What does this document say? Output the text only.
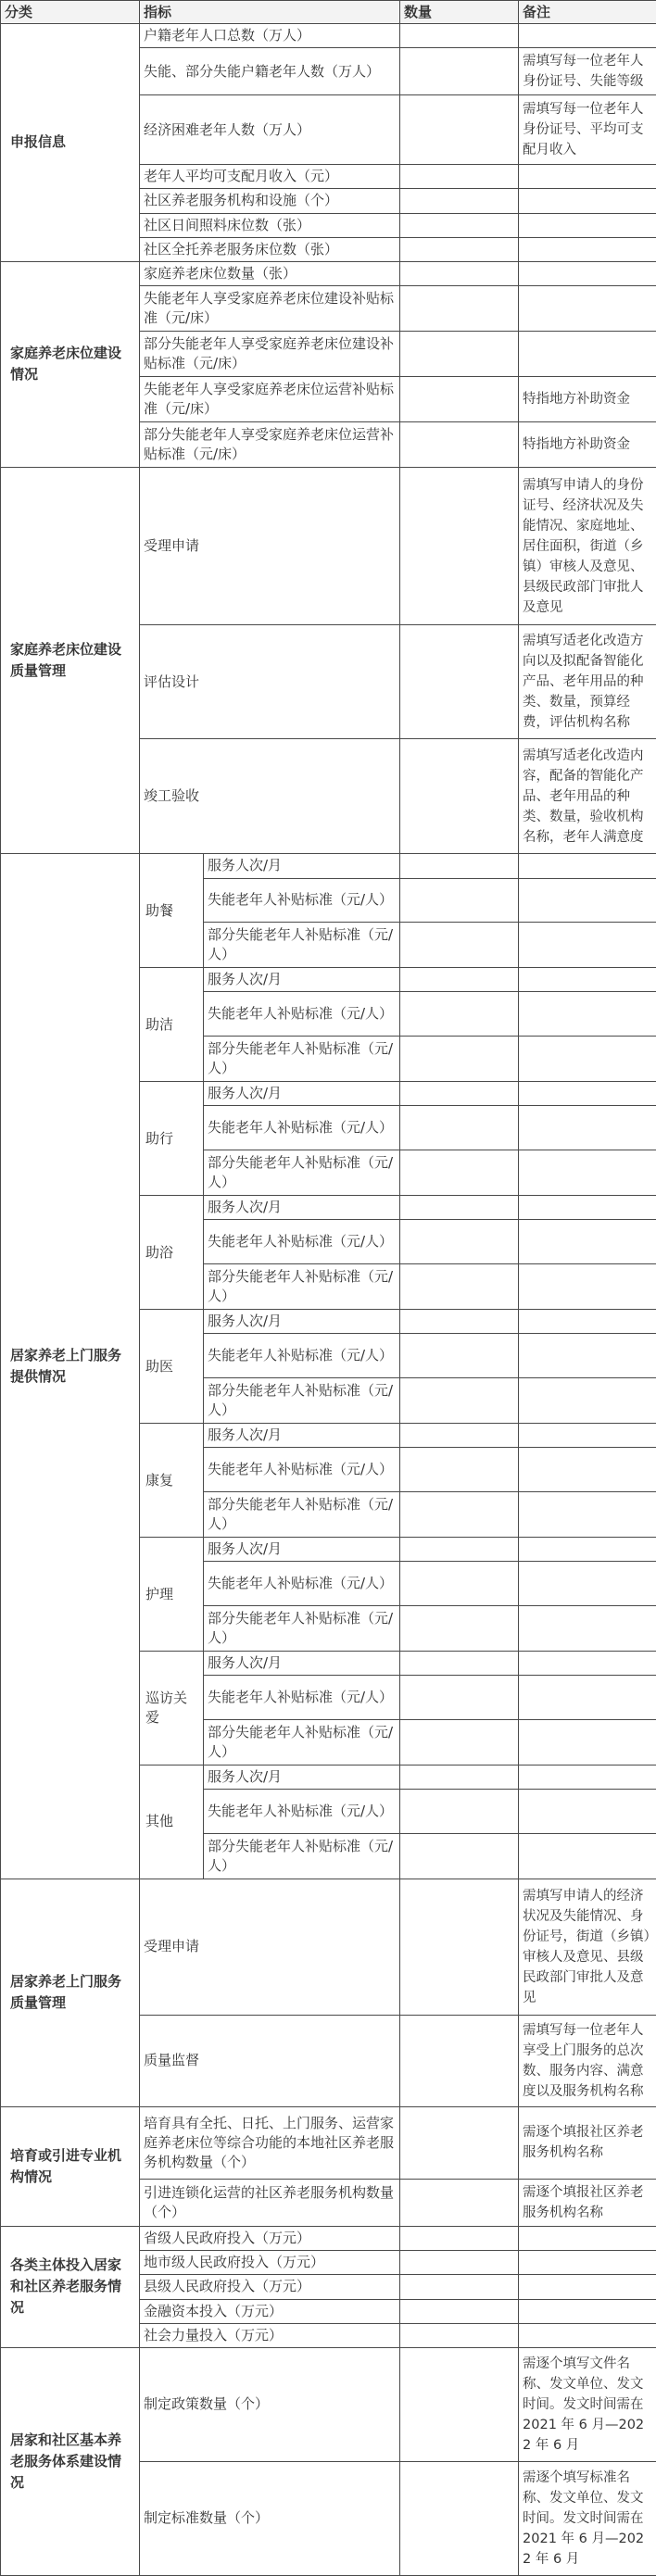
分类	指标		数量	备注
申报信息	户籍老年人口总数（万人）			
	失能、部分失能户籍老年人数（万人）			需填写每一位老年人身份证号、失能等级
	经济困难老年人数（万人）			需填写每一位老年人身份证号、平均可支配月收入
	老年人平均可支配月收入（元）			
	社区养老服务机构和设施（个）			
	社区日间照料床位数（张）			
	社区全托养老服务床位数（张）			
家庭养老床位建设情况	家庭养老床位数量（张）			
	失能老年人享受家庭养老床位建设补贴标准（元/床）			
	部分失能老年人享受家庭养老床位建设补贴标准（元/床）			
	失能老年人享受家庭养老床位运营补贴标准（元/床）			特指地方补助资金
	部分失能老年人享受家庭养老床位运营补贴标准（元/床）			特指地方补助资金
家庭养老床位建设质量管理	受理申请			需填写申请人的身份证号、经济状况及失能情况、家庭地址、居住面积，街道（乡镇）审核人及意见、县级民政部门审批人及意见
	评估设计			需填写适老化改造方向以及拟配备智能化产品、老年用品的种类、数量，预算经费，评估机构名称
	竣工验收			需填写适老化改造内容，配备的智能化产品、老年用品的种类、数量，验收机构名称，老年人满意度
居家养老上门服务提供情况	助餐	服务人次/月		
		失能老年人补贴标准（元/人）		
		部分失能老年人补贴标准（元/人）		
	助洁	服务人次/月		
		失能老年人补贴标准（元/人）		
		部分失能老年人补贴标准（元/人）		
	助行	服务人次/月		
		失能老年人补贴标准（元/人）		
		部分失能老年人补贴标准（元/人）		
	助浴	服务人次/月		
		失能老年人补贴标准（元/人）		
		部分失能老年人补贴标准（元/人）		
	助医	服务人次/月		
		失能老年人补贴标准（元/人）		
		部分失能老年人补贴标准（元/人）		
	康复	服务人次/月		
		失能老年人补贴标准（元/人）		
		部分失能老年人补贴标准（元/人）		
	护理	服务人次/月		
		失能老年人补贴标准（元/人）		
		部分失能老年人补贴标准（元/人）		
	巡访关爱	服务人次/月		
		失能老年人补贴标准（元/人）		
		部分失能老年人补贴标准（元/人）		
	其他	服务人次/月		
		失能老年人补贴标准（元/人）		
		部分失能老年人补贴标准（元/人）		
居家养老上门服务质量管理	受理申请			需填写申请人的经济状况及失能情况、身份证号，街道（乡镇）审核人及意见、县级民政部门审批人及意见
	质量监督			需填写每一位老年人享受上门服务的总次数、服务内容、满意度以及服务机构名称
培育或引进专业机构情况	培育具有全托、日托、上门服务、运营家庭养老床位等综合功能的本地社区养老服务机构数量（个）			需逐个填报社区养老服务机构名称
	引进连锁化运营的社区养老服务机构数量（个）			需逐个填报社区养老服务机构名称
各类主体投入居家和社区养老服务情况	省级人民政府投入（万元）			
	地市级人民政府投入（万元）			
	县级人民政府投入（万元）			
	金融资本投入（万元）			
	社会力量投入（万元）			
居家和社区基本养老服务体系建设情况	制定政策数量（个）			需逐个填写文件名称、发文单位、发文时间。发文时间需在 2021 年 6 月—2022 年 6 月
	制定标准数量（个）			需逐个填写标准名称、发文单位、发文时间。发文时间需在 2021 年 6 月—2022 年 6 月
